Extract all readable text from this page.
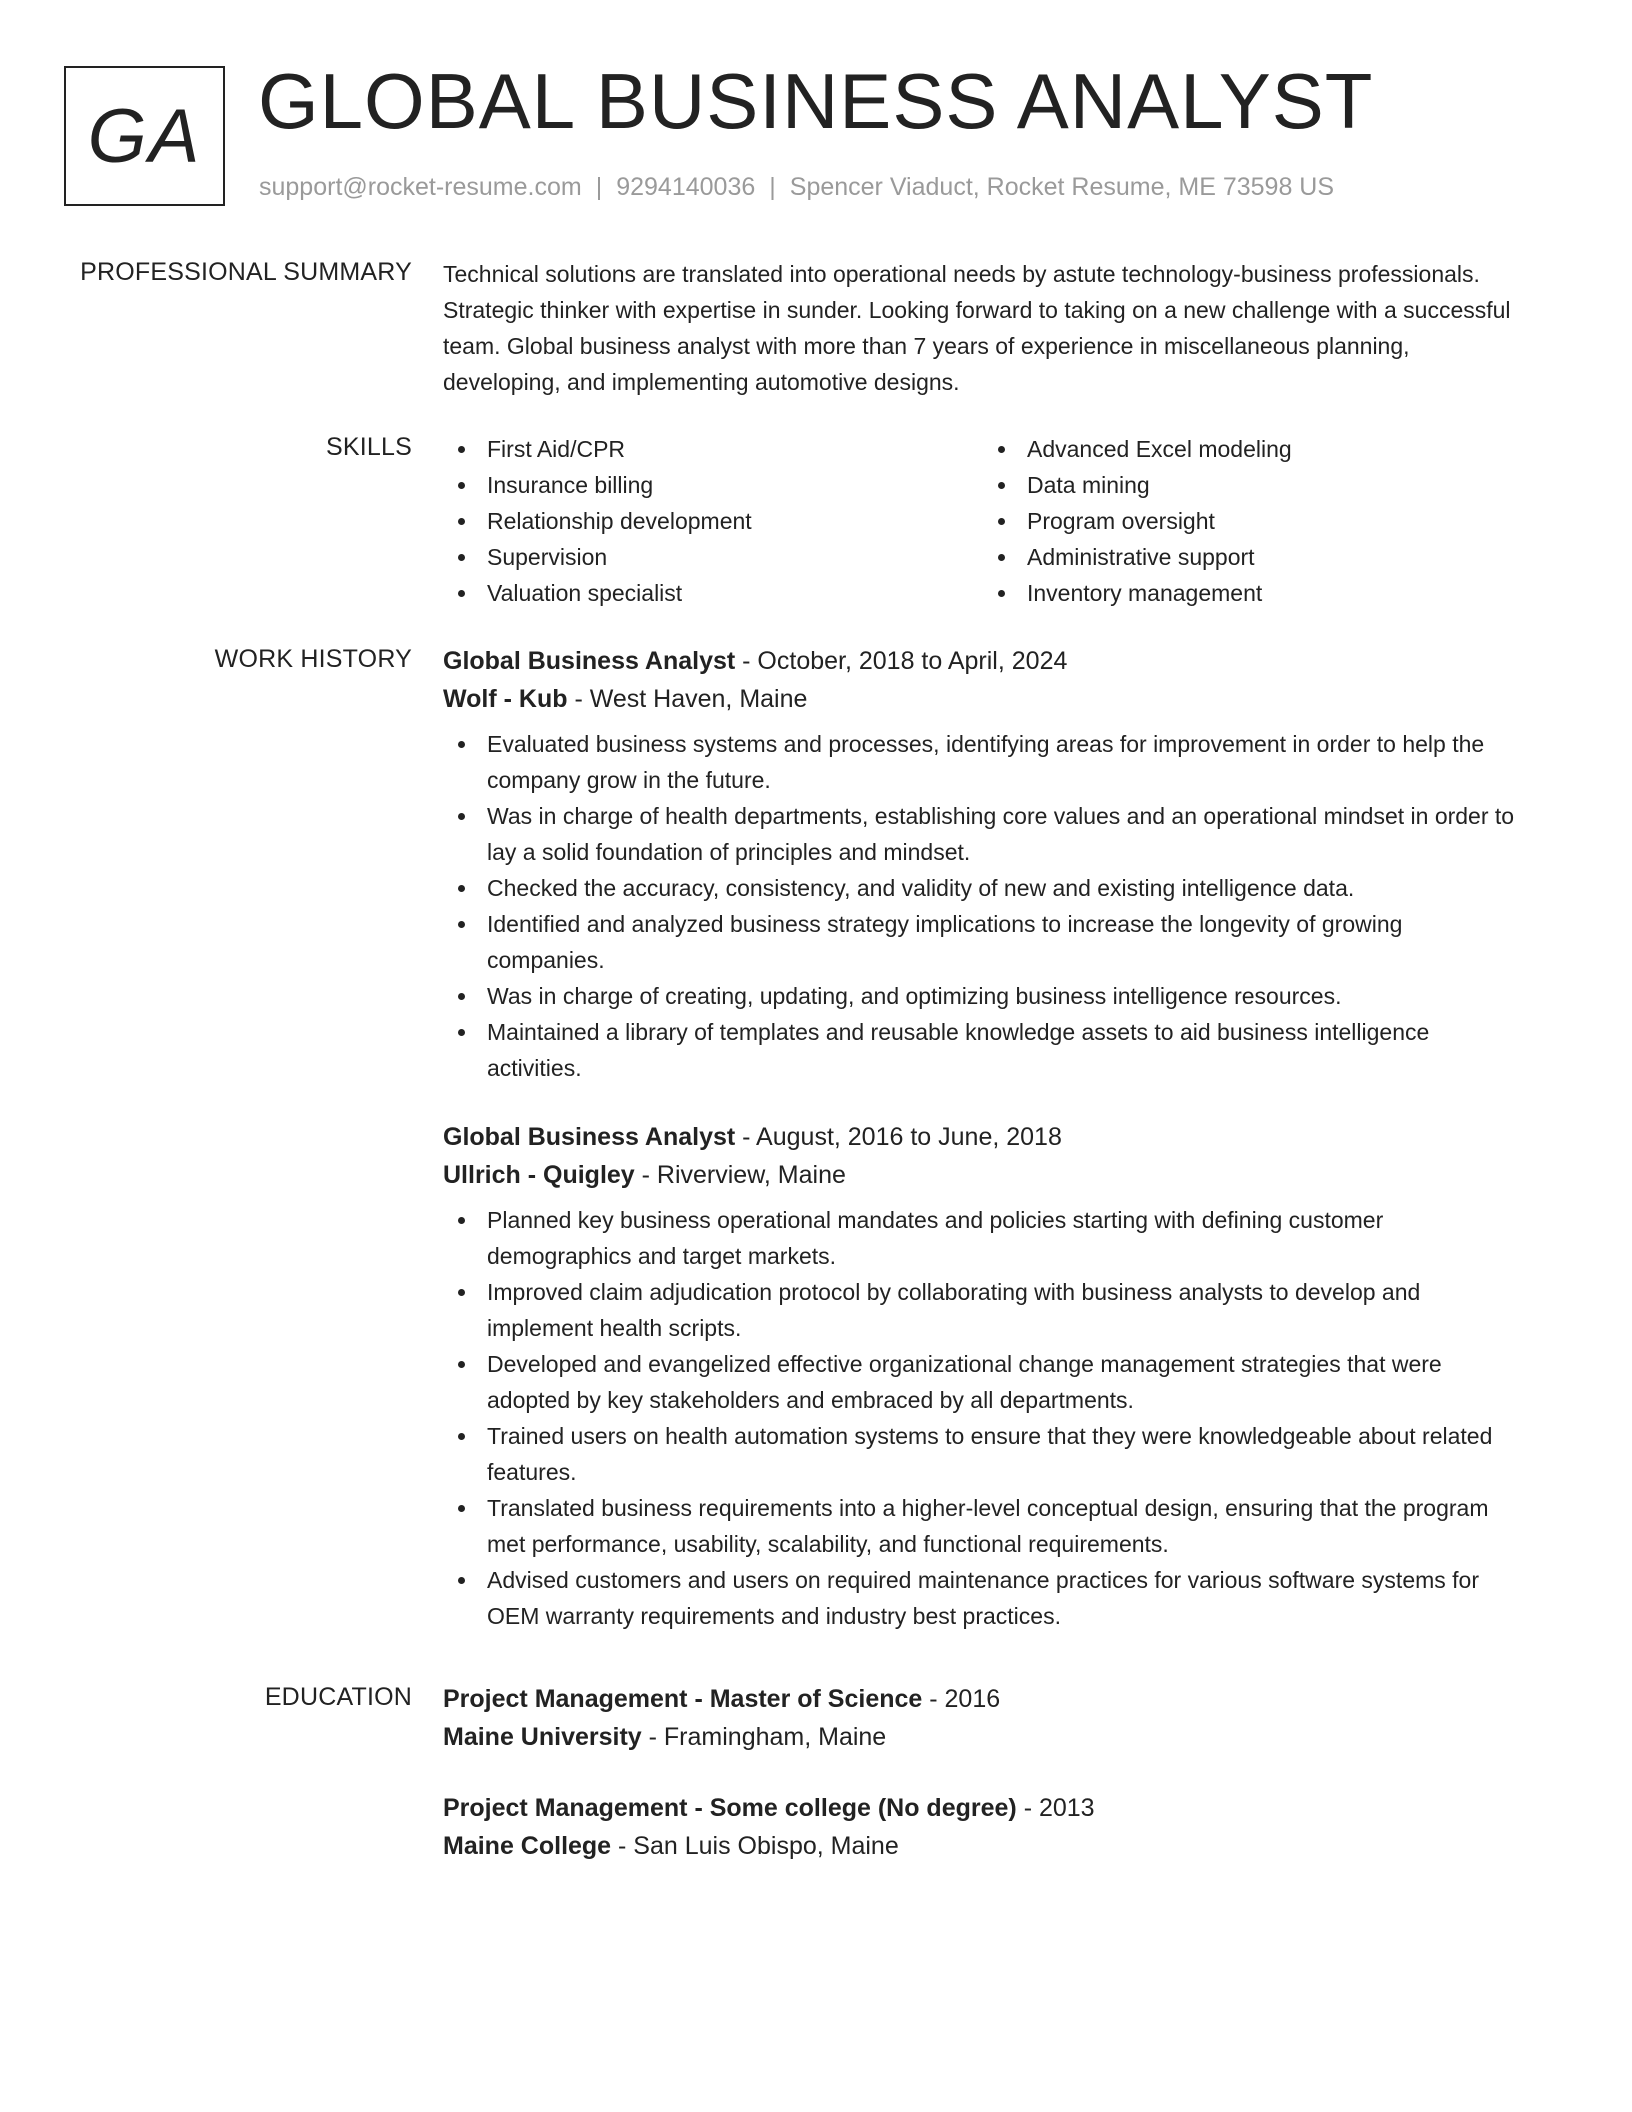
GA GLOBAL BUSINESS ANALYST
support@rocket-resume.com | 9294140036 | Spencer Viaduct, Rocket Resume, ME 73598 US
PROFESSIONAL SUMMARY Technical solutions are translated into operational needs by astute technology-business professionals. Strategic thinker with expertise in sunder. Looking forward to taking on a new challenge with a successful team. Global business analyst with more than 7 years of experience in miscellaneous planning, developing, and implementing automotive designs.

SKILLS	First Aid/CPR
Insurance billing
Relationship development
Supervision
Valuation specialist
Advanced Excel modeling
Data mining
Program oversight
Administrative support
Inventory management
WORK HISTORY Global Business Analyst - October, 2018 to April, 2024
Wolf - Kub - West Haven, Maine
Evaluated business systems and processes, identifying areas for improvement in order to help the company grow in the future.
Was in charge of health departments, establishing core values and an operational mindset in order to lay a solid foundation of principles and mindset.
Checked the accuracy, consistency, and validity of new and existing intelligence data.
Identified and analyzed business strategy implications to increase the longevity of growing companies.
Was in charge of creating, updating, and optimizing business intelligence resources.
Maintained a library of templates and reusable knowledge assets to aid business intelligence activities.
Global Business Analyst - August, 2016 to June, 2018
Ullrich - Quigley - Riverview, Maine
Planned key business operational mandates and policies starting with defining customer demographics and target markets.
Improved claim adjudication protocol by collaborating with business analysts to develop and implement health scripts.
Developed and evangelized effective organizational change management strategies that were adopted by key stakeholders and embraced by all departments.
Trained users on health automation systems to ensure that they were knowledgeable about related features.
Translated business requirements into a higher-level conceptual design, ensuring that the program met performance, usability, scalability, and functional requirements.
Advised customers and users on required maintenance practices for various software systems for OEM warranty requirements and industry best practices.
EDUCATION Project Management - Master of Science - 2016
Maine University - Framingham, Maine
Project Management - Some college (No degree) - 2013
Maine College - San Luis Obispo, Maine
